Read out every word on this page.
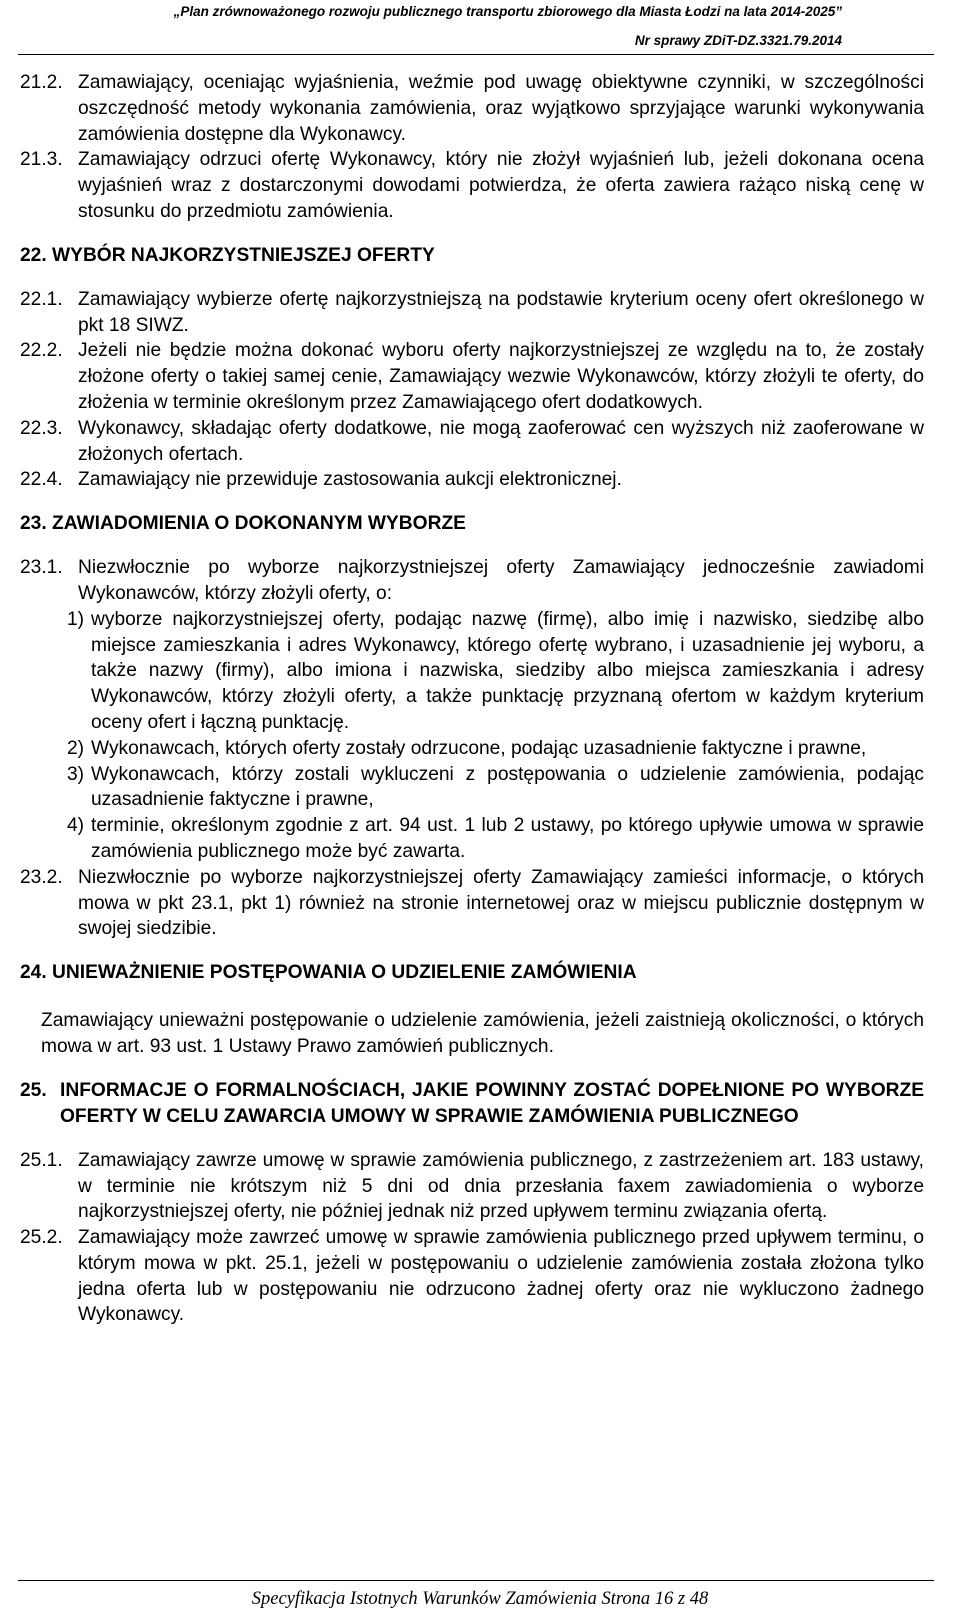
„Plan zrównoważonego rozwoju publicznego transportu zbiorowego dla Miasta Łodzi na lata 2014-2025”
Nr sprawy ZDiT-DZ.3321.79.2014
21.2. Zamawiający, oceniając wyjaśnienia, weźmie pod uwagę obiektywne czynniki, w szczególności oszczędność metody wykonania zamówienia, oraz wyjątkowo sprzyjające warunki wykonywania zamówienia dostępne dla Wykonawcy.
21.3. Zamawiający odrzuci ofertę Wykonawcy, który nie złożył wyjaśnień lub, jeżeli dokonana ocena wyjaśnień wraz z dostarczonymi dowodami potwierdza, że oferta zawiera rażąco niską cenę w stosunku do przedmiotu zamówienia.
22.
WYBÓR NAJKORZYSTNIEJSZEJ OFERTY
22.1. Zamawiający wybierze ofertę najkorzystniejszą na podstawie kryterium oceny ofert określonego w pkt 18 SIWZ.
22.2. Jeżeli nie będzie można dokonać wyboru oferty najkorzystniejszej ze względu na to, że zostały złożone oferty o takiej samej cenie, Zamawiający wezwie Wykonawców, którzy złożyli te oferty, do złożenia w terminie określonym przez Zamawiającego ofert dodatkowych.
22.3. Wykonawcy, składając oferty dodatkowe, nie mogą zaoferować cen wyższych niż zaoferowane w złożonych ofertach.
22.4. Zamawiający nie przewiduje zastosowania aukcji elektronicznej.
23.
ZAWIADOMIENIA O DOKONANYM WYBORZE
23.1. Niezwłocznie po wyborze najkorzystniejszej oferty Zamawiający jednocześnie zawiadomi Wykonawców, którzy złożyli oferty, o:
1) wyborze najkorzystniejszej oferty, podając nazwę (firmę), albo imię i nazwisko, siedzibę albo miejsce zamieszkania i adres Wykonawcy, którego ofertę wybrano, i uzasadnienie jej wyboru, a także nazwy (firmy), albo imiona i nazwiska, siedziby albo miejsca zamieszkania i adresy Wykonawców, którzy złożyli oferty, a także punktację przyznaną ofertom w każdym kryterium oceny ofert i łączną punktację.
2) Wykonawcach, których oferty zostały odrzucone, podając uzasadnienie faktyczne i prawne,
3) Wykonawcach, którzy zostali wykluczeni z postępowania o udzielenie zamówienia, podając uzasadnienie faktyczne i prawne,
4) terminie, określonym zgodnie z art. 94 ust. 1 lub 2 ustawy, po którego upływie umowa w sprawie zamówienia publicznego może być zawarta.
23.2. Niezwłocznie po wyborze najkorzystniejszej oferty Zamawiający zamieści informacje, o których mowa w pkt 23.1, pkt 1) również na stronie internetowej oraz w miejscu publicznie dostępnym w swojej siedzibie.
24.
UNIEWAŻNIENIE POSTĘPOWANIA O UDZIELENIE ZAMÓWIENIA
Zamawiający unieważni postępowanie o udzielenie zamówienia, jeżeli zaistnieją okoliczności, o których mowa w art. 93 ust. 1 Ustawy Prawo zamówień publicznych.
25. INFORMACJE O FORMALNOŚCIACH, JAKIE POWINNY ZOSTAĆ DOPEŁNIONE PO WYBORZE OFERTY W CELU ZAWARCIA UMOWY W SPRAWIE ZAMÓWIENIA PUBLICZNEGO
25.1. Zamawiający zawrze umowę w sprawie zamówienia publicznego, z zastrzeżeniem art. 183 ustawy, w terminie nie krótszym niż 5 dni od dnia przesłania faxem zawiadomienia o wyborze najkorzystniejszej oferty, nie później jednak niż przed upływem terminu związania ofertą.
25.2. Zamawiający może zawrzeć umowę w sprawie zamówienia publicznego przed upływem terminu, o którym mowa w pkt. 25.1, jeżeli w postępowaniu o udzielenie zamówienia została złożona tylko jedna oferta lub w postępowaniu nie odrzucono żadnej oferty oraz nie wykluczono żadnego Wykonawcy.
Specyfikacja Istotnych Warunków Zamówienia Strona 16 z 48
